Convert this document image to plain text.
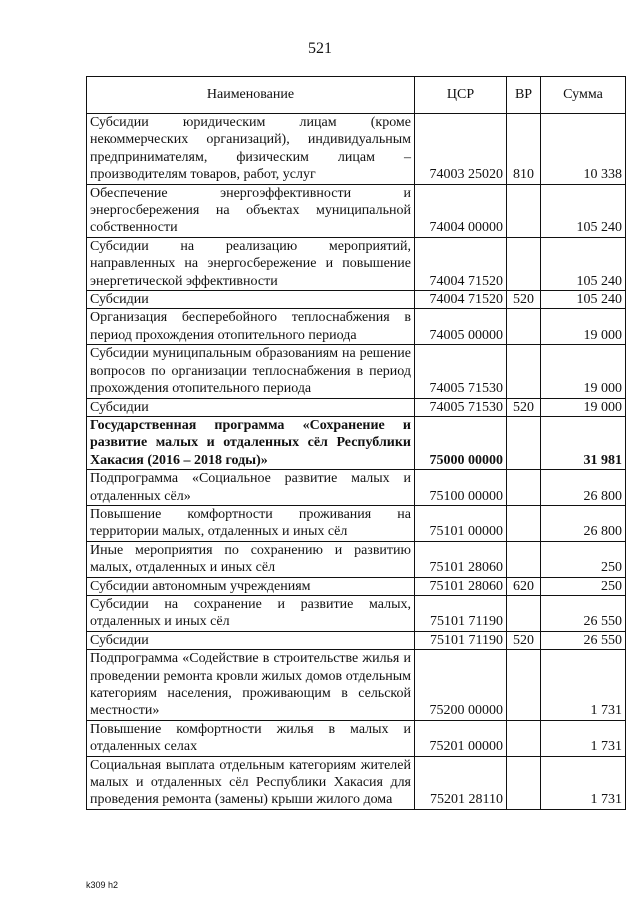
521
Наименование	ЦСР	ВР	Сумма
Субсидии юридическим лицам (кроме некоммерческих организаций), индивидуальным предпринимателям, физическим лицам – производителям товаров, работ, услуг	74003 25020	810	10 338
Обеспечение энергоэффективности и энергосбережения на объектах муниципальной собственности	74004 00000		105 240
Субсидии на реализацию мероприятий, направленных на энергосбережение и повышение энергетической эффективности	74004 71520		105 240
Субсидии	74004 71520	520	105 240
Организация бесперебойного теплоснабжения в период прохождения отопительного периода	74005 00000		19 000
Субсидии муниципальным образованиям на решение вопросов по организации теплоснабжения в период прохождения отопительного периода	74005 71530		19 000
Субсидии	74005 71530	520	19 000
Государственная программа «Сохранение и развитие малых и отдаленных сёл Республики Хакасия (2016 – 2018 годы)»	75000 00000		31 981
Подпрограмма «Социальное развитие малых и отдаленных сёл»	75100 00000		26 800
Повышение комфортности проживания на территории малых, отдаленных и иных сёл	75101 00000		26 800
Иные мероприятия по сохранению и развитию малых, отдаленных и иных сёл	75101 28060		250
Субсидии автономным учреждениям	75101 28060	620	250
Субсидии на сохранение и развитие малых, отдаленных и иных сёл	75101 71190		26 550
Субсидии	75101 71190	520	26 550
Подпрограмма «Содействие в строительстве жилья и проведении ремонта кровли жилых домов отдельным категориям населения, проживающим в сельской местности»	75200 00000		1 731
Повышение комфортности жилья в малых и отдаленных селах	75201 00000		1 731
Социальная выплата отдельным категориям жителей малых и отдаленных сёл Республики Хакасия для проведения ремонта (замены) крыши жилого дома	75201 28110		1 731
k309 h2
